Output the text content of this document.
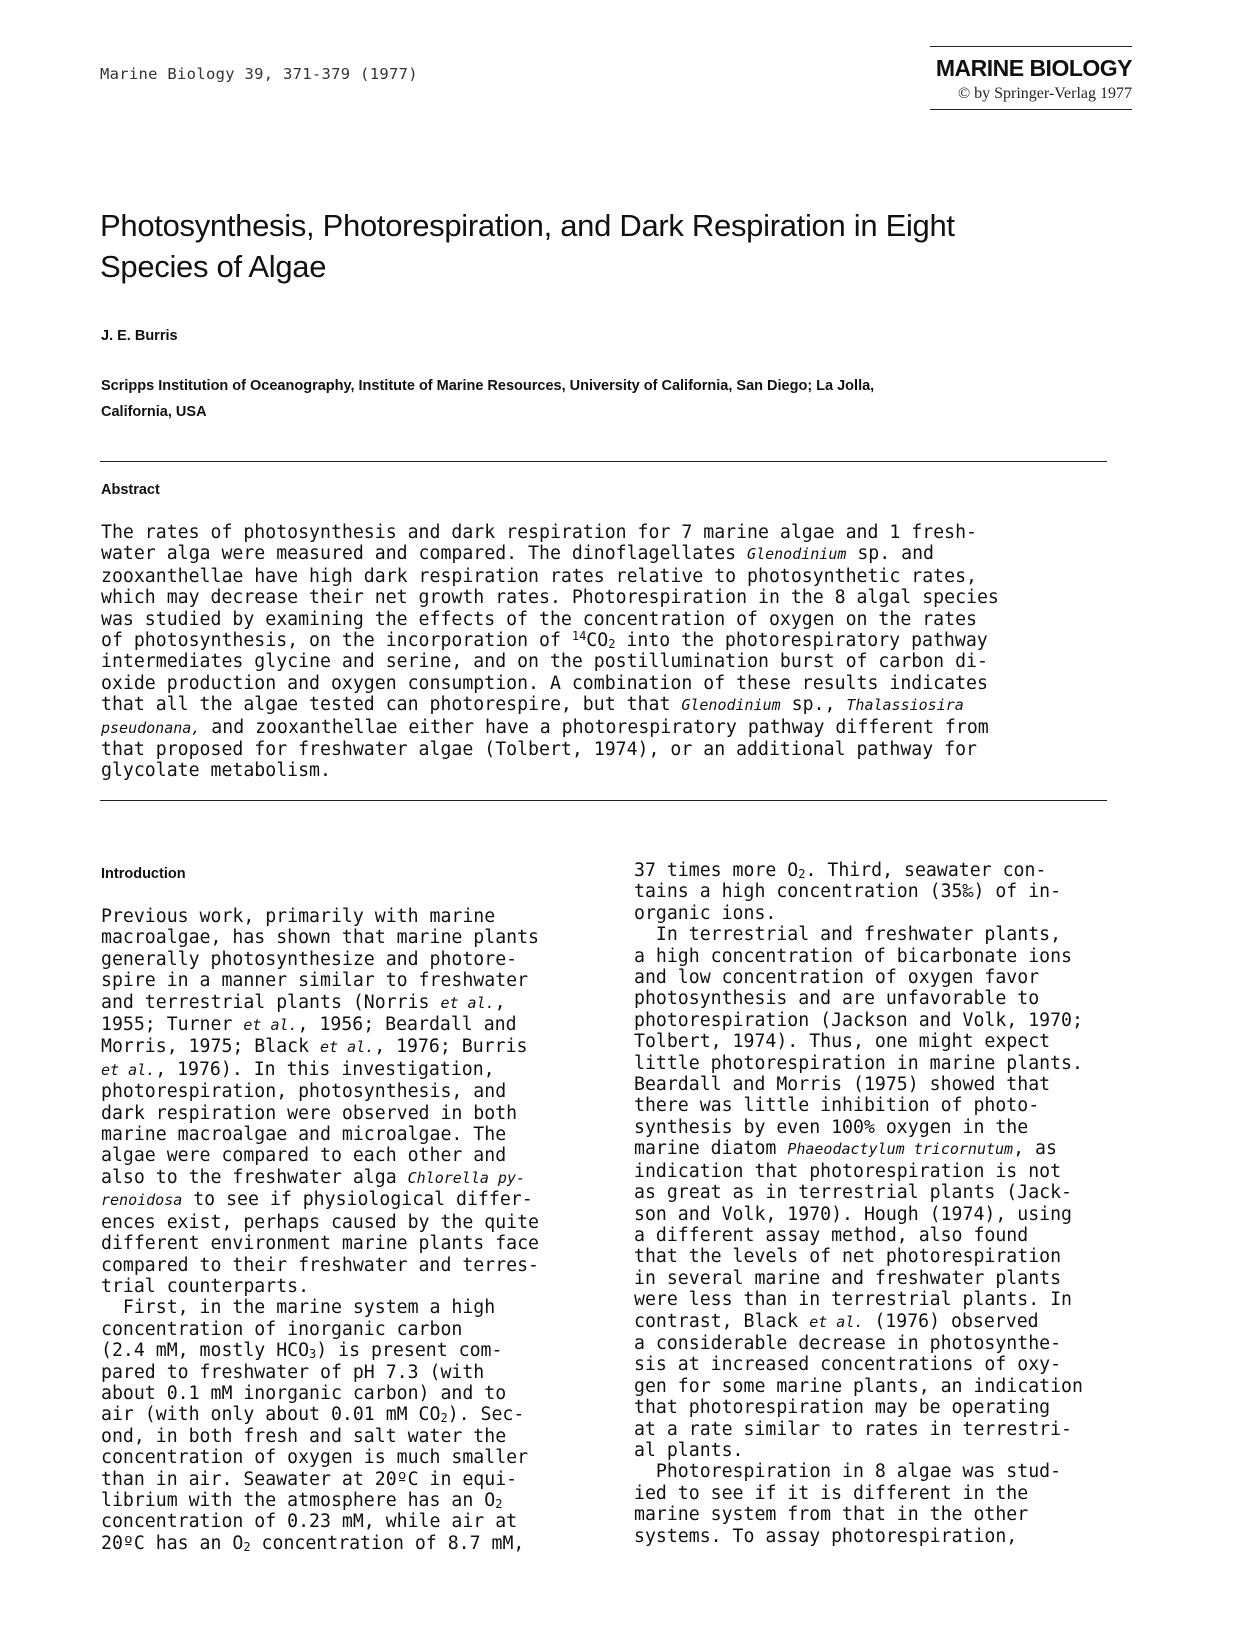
Marine Biology 39, 371-379 (1977)	MARINE BIOLOGY
© by Springer-Verlag 1977
Photosynthesis, Photorespiration, and Dark Respiration in Eight
Species of Algae
J. E. Burris
Scripps Institution of Oceanography, Institute of Marine Resources, University of California, San Diego; La Jolla,
California, USA
Abstract
The rates of photosynthesis and dark respiration for 7 marine algae and 1 fresh-
water alga were measured and compared. The dinoflagellates Glenodinium sp. and
zooxanthellae have high dark respiration rates relative to photosynthetic rates,
which may decrease their net growth rates. Photorespiration in the 8 algal species
was studied by examining the effects of the concentration of oxygen on the rates
of photosynthesis, on the incorporation of $^{14}CO_2$ into the photorespiratory pathway
intermediates glycine and serine, and on the postillumination burst of carbon di-
oxide production and oxygen consumption. A combination of these results indicates
that all the algae tested can photorespire, but that Glenodinium sp., Thalassiosira
pseudonana, and zooxanthellae either have a photorespiratory pathway different from
that proposed for freshwater algae (Tolbert, 1974), or an additional pathway for
glycolate metabolism.
Introduction
Previous work, primarily with marine
macroalgae, has shown that marine plants
generally photosynthesize and photore-
spire in a manner similar to freshwater
and terrestrial plants (Norris et al.,
1955; Turner et al., 1956; Beardall and
Morris, 1975; Black et al., 1976; Burris
et al., 1976). In this investigation,
photorespiration, photosynthesis, and
dark respiration were observed in both
marine macroalgae and microalgae. The
algae were compared to each other and
also to the freshwater alga Chlorella py-
renoidosa to see if physiological differ-
ences exist, perhaps caused by the quite
different environment marine plants face
compared to their freshwater and terres-
trial counterparts.
First, in the marine system a high
concentration of inorganic carbon
(2.4 mM, mostly $HCO_3$) is present com-
pared to freshwater of pH 7.3 (with
about 0.1 mM inorganic carbon) and to
air (with only about 0.01 mM $CO_2$). Sec-
ond, in both fresh and salt water the
concentration of oxygen is much smaller
than in air. Seawater at 20ºC in equi-
librium with the atmosphere has an $O_2$
concentration of 0.23 mM, while air at
20ºC has an $O_2$ concentration of 8.7 mM,
37 times more $O_2$. Third, seawater con-
tains a high concentration (35‰) of in-
organic ions.
In terrestrial and freshwater plants,
a high concentration of bicarbonate ions
and low concentration of oxygen favor
photosynthesis and are unfavorable to
photorespiration (Jackson and Volk, 1970;
Tolbert, 1974). Thus, one might expect
little photorespiration in marine plants.
Beardall and Morris (1975) showed that
there was little inhibition of photo-
synthesis by even 100% oxygen in the
marine diatom Phaeodactylum tricornutum, as
indication that photorespiration is not
as great as in terrestrial plants (Jack-
son and Volk, 1970). Hough (1974), using
a different assay method, also found
that the levels of net photorespiration
in several marine and freshwater plants
were less than in terrestrial plants. In
contrast, Black et al. (1976) observed
a considerable decrease in photosynthe-
sis at increased concentrations of oxy-
gen for some marine plants, an indication
that photorespiration may be operating
at a rate similar to rates in terrestri-
al plants.
Photorespiration in 8 algae was stud-
ied to see if it is different in the
marine system from that in the other
systems. To assay photorespiration,
